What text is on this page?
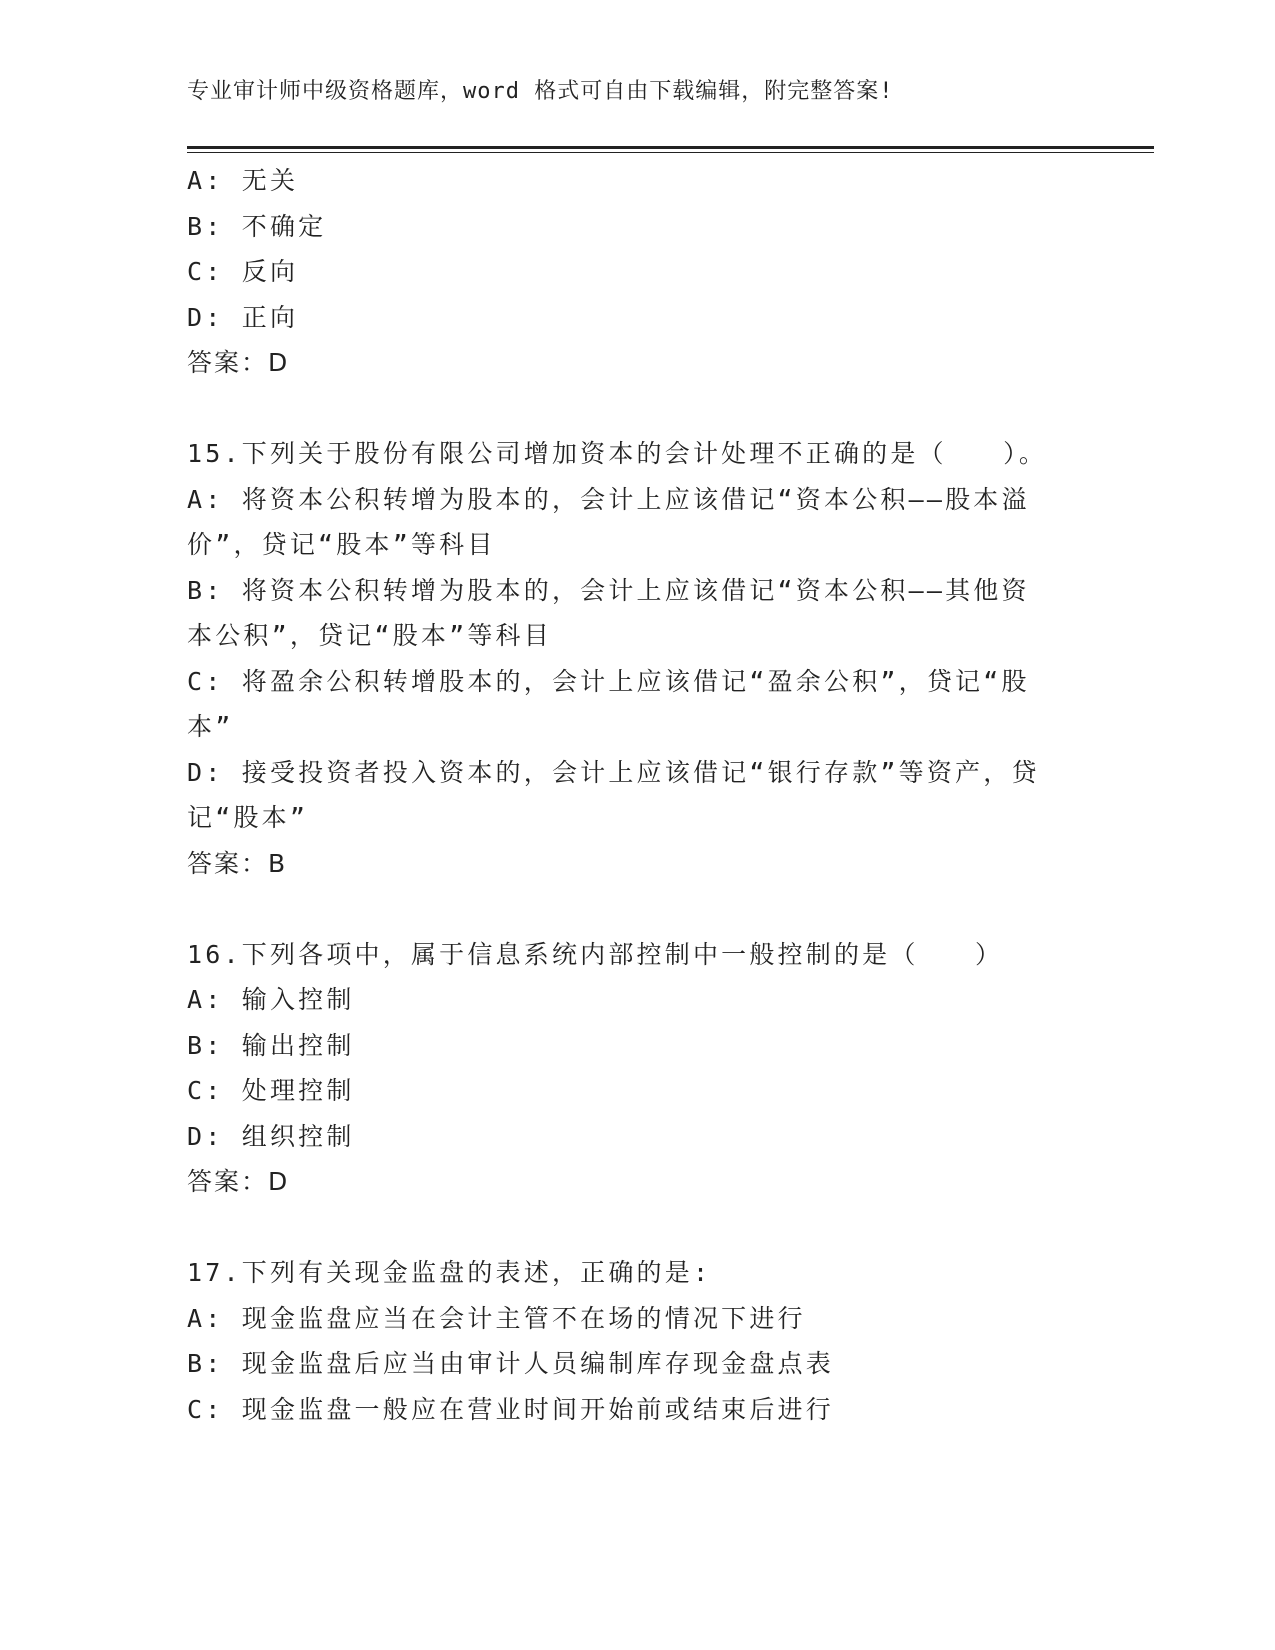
专业审计师中级资格题库，word 格式可自由下载编辑，附完整答案!
A: 无关
B: 不确定
C: 反向
D: 正向
答案：D
15.下列关于股份有限公司增加资本的会计处理不正确的是（　　）。
A: 将资本公积转增为股本的，会计上应该借记“资本公积——股本溢
价”，贷记“股本”等科目
B: 将资本公积转增为股本的，会计上应该借记“资本公积——其他资
本公积”，贷记“股本”等科目
C: 将盈余公积转增股本的，会计上应该借记“盈余公积”，贷记“股
本”
D: 接受投资者投入资本的，会计上应该借记“银行存款”等资产，贷
记“股本”
答案：B
16.下列各项中，属于信息系统内部控制中一般控制的是（　　）
A: 输入控制
B: 输出控制
C: 处理控制
D: 组织控制
答案：D
17.下列有关现金监盘的表述，正确的是:
A: 现金监盘应当在会计主管不在场的情况下进行
B: 现金监盘后应当由审计人员编制库存现金盘点表
C: 现金监盘一般应在营业时间开始前或结束后进行
